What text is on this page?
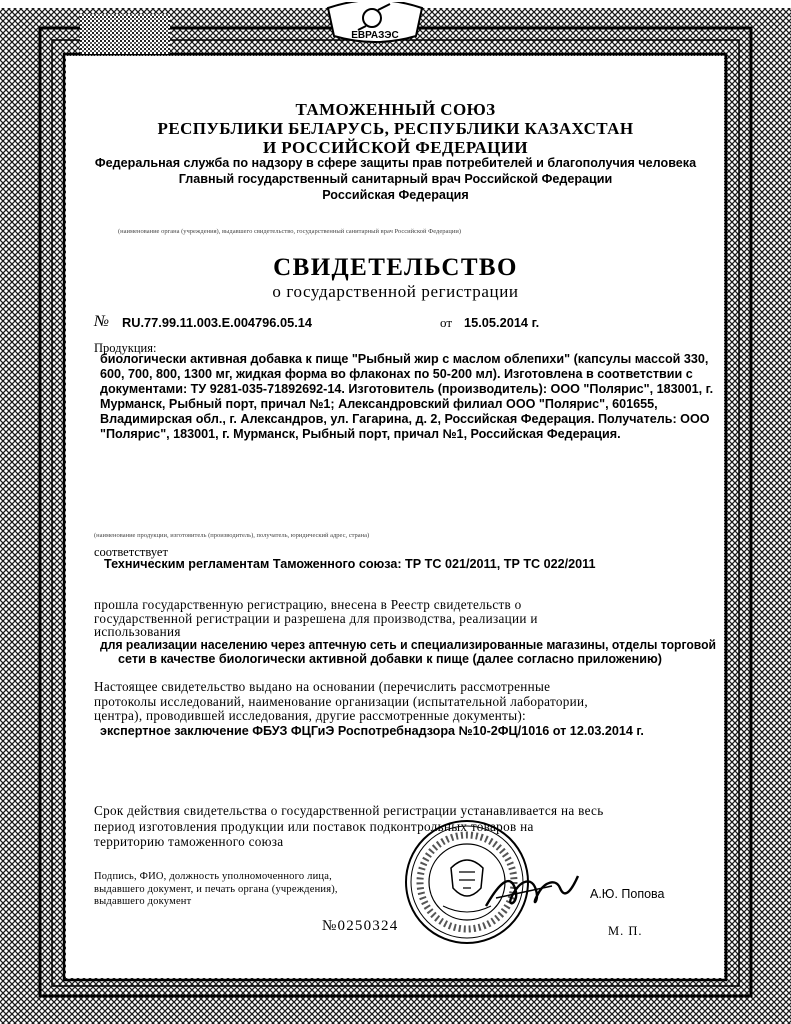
ЕВРАЗЭС
ТАМОЖЕННЫЙ СОЮЗ
РЕСПУБЛИКИ БЕЛАРУСЬ, РЕСПУБЛИКИ КАЗАХСТАН
И РОССИЙСКОЙ ФЕДЕРАЦИИ
Федеральная служба по надзору в сфере защиты прав потребителей и благополучия человека
Главный государственный санитарный врач Российской Федерации
Российская Федерация
(наименование органа (учреждения), выдавшего свидетельство, государственный санитарный врач Российской Федерации)
СВИДЕТЕЛЬСТВО
о государственной регистрации
№ RU.77.99.11.003.E.004796.05.14	от 15.05.2014 г.
Продукция:
биологически активная добавка к пище "Рыбный жир с маслом облепихи" (капсулы массой 330,
600, 700, 800, 1300 мг, жидкая форма во флаконах по 50-200 мл). Изготовлена в соответствии с
документами: ТУ 9281-035-71892692-14. Изготовитель (производитель): ООО "Полярис", 183001, г.
Мурманск, Рыбный порт, причал №1; Александровский филиал ООО "Полярис", 601655,
Владимирская обл., г. Александров, ул. Гагарина, д. 2, Российская Федерация. Получатель: ООО
"Полярис", 183001, г. Мурманск, Рыбный порт, причал №1, Российская Федерация.
(наименование продукции, изготовитель (производитель), получатель, юридический адрес, страна)
соответствует
Техническим регламентам Таможенного союза: ТР ТС 021/2011, ТР ТС 022/2011
прошла государственную регистрацию, внесена в Реестр свидетельств о
государственной регистрации и разрешена для производства, реализации и
использования
для реализации населению через аптечную сеть и специализированные магазины, отделы торговой
сети в качестве биологически активной добавки к пище (далее согласно приложению)
Настоящее свидетельство выдано на основании (перечислить рассмотренные
протоколы исследований, наименование организации (испытательной лаборатории,
центра), проводившей исследования, другие рассмотренные документы):
экспертное заключение ФБУЗ ФЦГиЭ Роспотребнадзора №10-2ФЦ/1016 от 12.03.2014 г.
Срок действия свидетельства о государственной регистрации устанавливается на весь
период изготовления продукции или поставок подконтрольных товаров на
территорию таможенного союза
Подпись, ФИО, должность уполномоченного лица,
выдавшего документ, и печать органа (учреждения),
выдавшего документ
А.Ю. Попова
№0250324	М. П.
